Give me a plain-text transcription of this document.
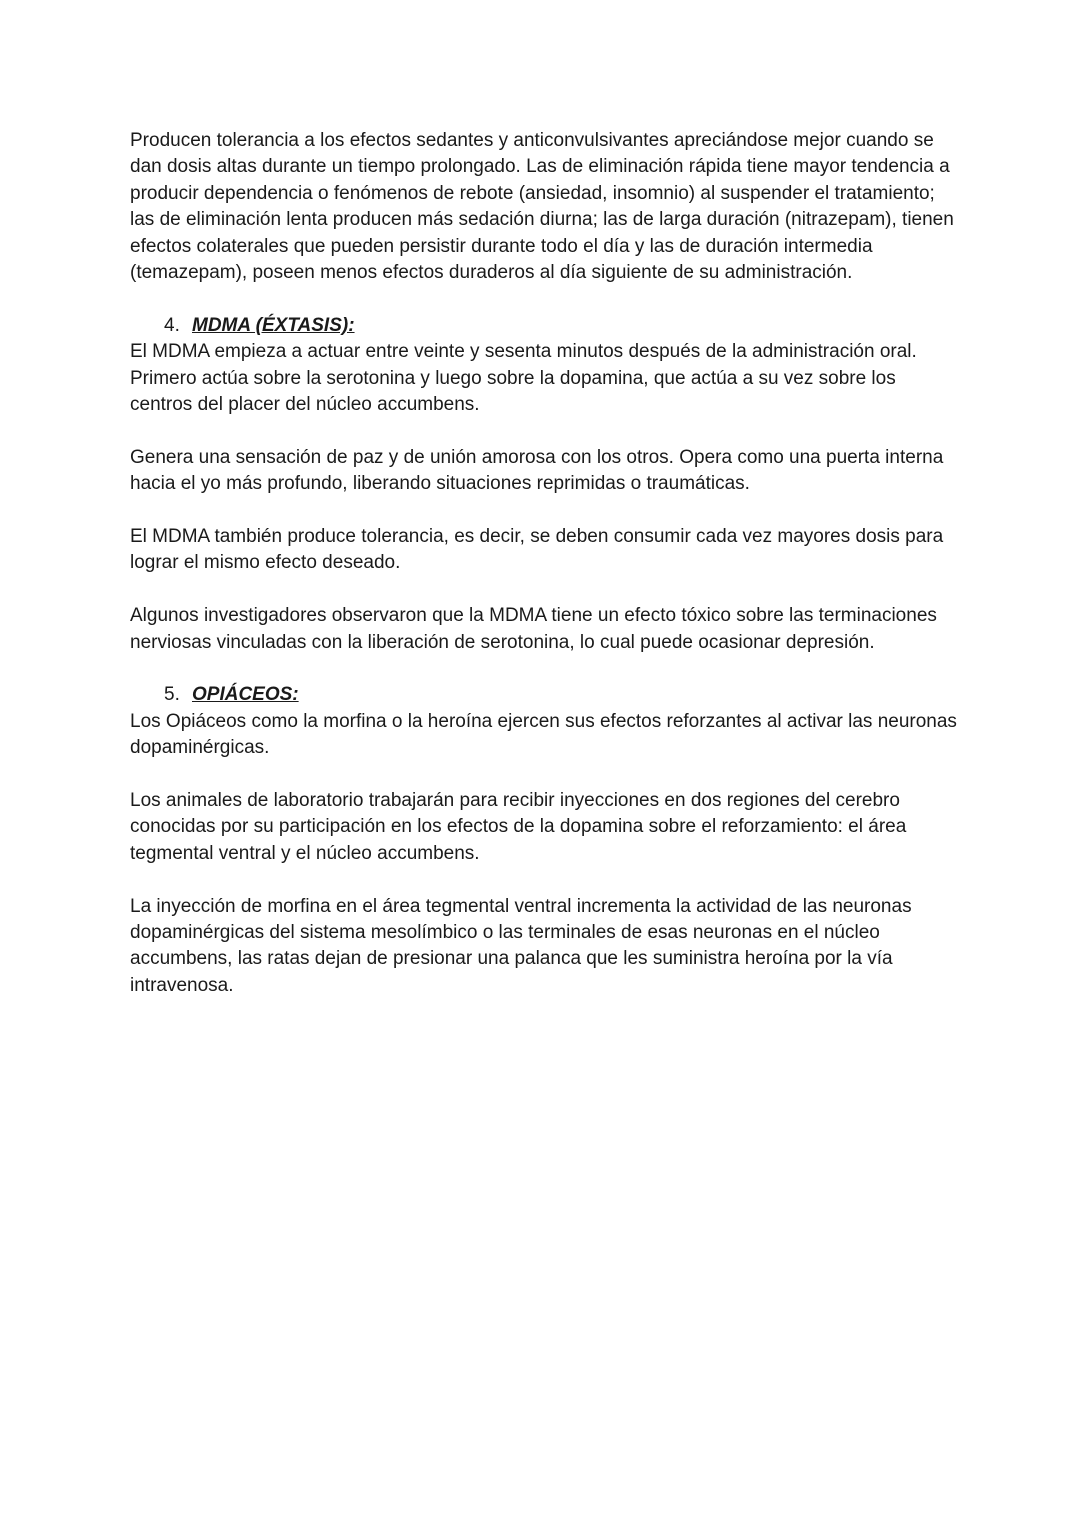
Producen tolerancia a los efectos sedantes y anticonvulsivantes apreciándose mejor cuando se dan dosis altas durante un tiempo prolongado. Las de eliminación rápida tiene mayor tendencia a producir dependencia o fenómenos de rebote (ansiedad, insomnio) al suspender el tratamiento; las de eliminación lenta producen más sedación diurna; las de larga duración (nitrazepam), tienen efectos colaterales que pueden persistir durante todo el día y las de duración intermedia (temazepam), poseen menos efectos duraderos al día siguiente de su administración.

4. MDMA (ÉXTASIS):

El MDMA empieza a actuar entre veinte y sesenta minutos después de la administración oral. Primero actúa sobre la serotonina y luego sobre la dopamina, que actúa a su vez sobre los centros del placer del núcleo accumbens.

Genera una sensación de paz y de unión amorosa con los otros. Opera como una puerta interna hacia el yo más profundo, liberando situaciones reprimidas o traumáticas.

El MDMA también produce tolerancia, es decir, se deben consumir cada vez mayores dosis para lograr el mismo efecto deseado.

Algunos investigadores observaron que la MDMA tiene un efecto tóxico sobre las terminaciones nerviosas vinculadas con la liberación de serotonina, lo cual puede ocasionar depresión.

5. OPIÁCEOS:

Los Opiáceos como la morfina o la heroína ejercen sus efectos reforzantes al activar las neuronas dopaminérgicas.

Los animales de laboratorio trabajarán para recibir inyecciones en dos regiones del cerebro conocidas por su participación en los efectos de la dopamina sobre el reforzamiento: el área tegmental ventral y el núcleo accumbens.

La inyección de morfina en el área tegmental ventral incrementa la actividad de las neuronas dopaminérgicas del sistema mesolímbico o las terminales de esas neuronas en el núcleo accumbens, las ratas dejan de presionar una palanca que les suministra heroína por la vía intravenosa.
